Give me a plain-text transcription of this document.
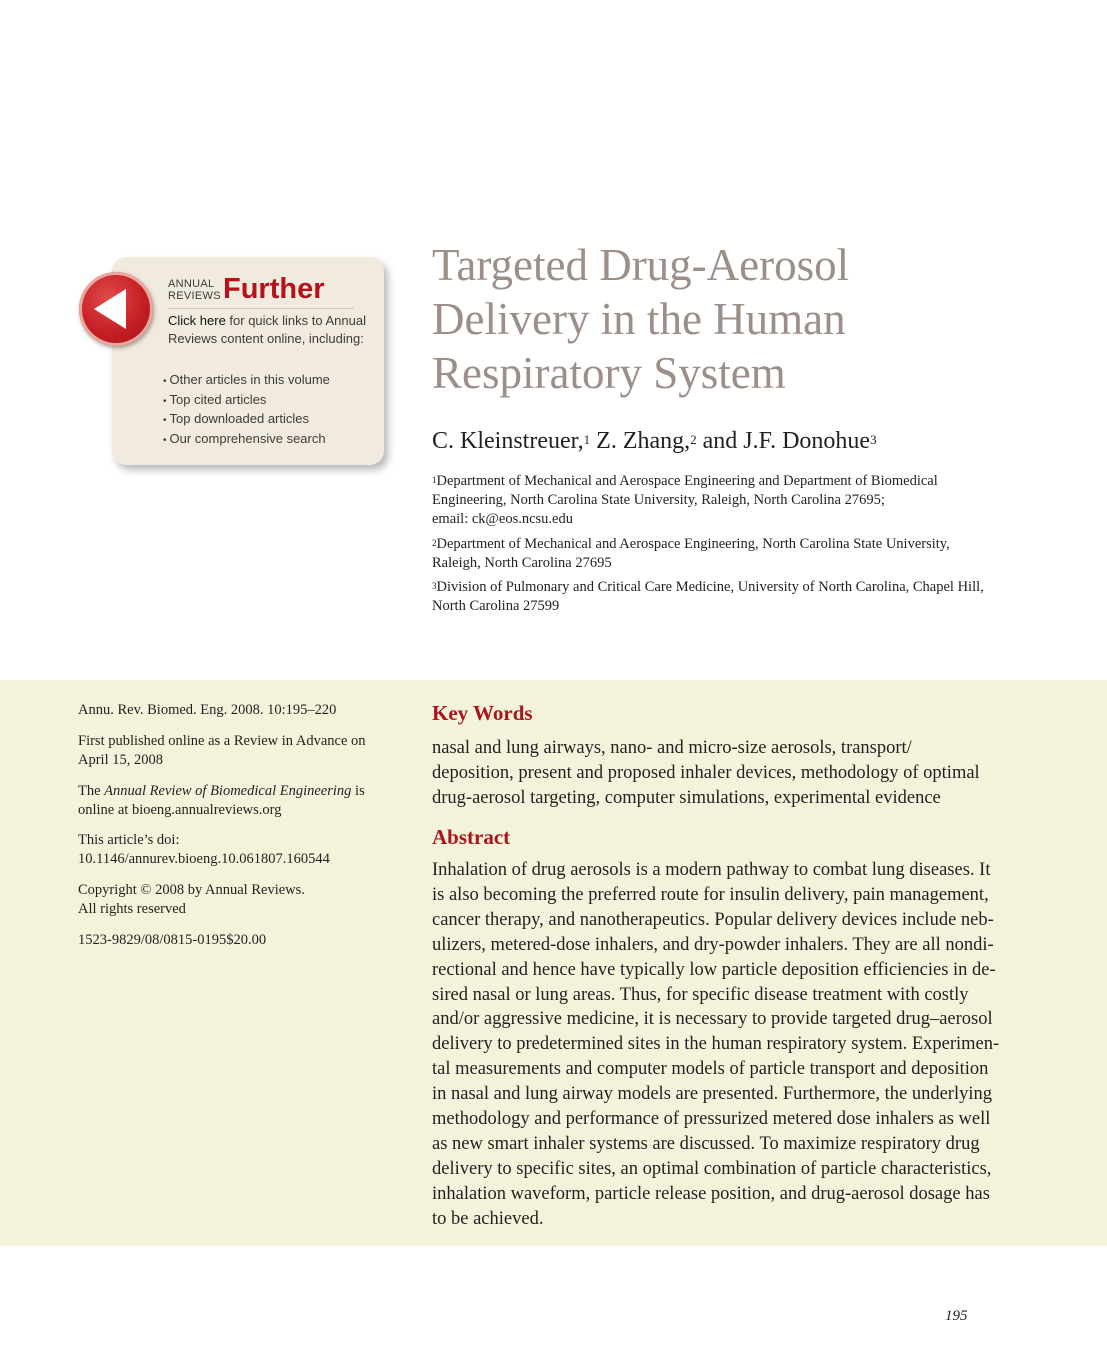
ANNUAL
REVIEWS Further
Click here for quick links to Annual Reviews content online, including:
• Other articles in this volume
• Top cited articles
• Top downloaded articles
• Our comprehensive search
Targeted Drug-Aerosol
Delivery in the Human
Respiratory System
C. Kleinstreuer,$^1$ Z. Zhang,$^2$ and J.F. Donohue$^3$
$^1$Department of Mechanical and Aerospace Engineering and Department of Biomedical
Engineering, North Carolina State University, Raleigh, North Carolina 27695;
email: ck@eos.ncsu.edu
$^2$Department of Mechanical and Aerospace Engineering, North Carolina State University,
Raleigh, North Carolina 27695
$^3$Division of Pulmonary and Critical Care Medicine, University of North Carolina, Chapel Hill,
North Carolina 27599
Annu. Rev. Biomed. Eng. 2008. 10:195–220
First published online as a Review in Advance on
April 15, 2008
The Annual Review of Biomedical Engineering is
online at bioeng.annualreviews.org
This article’s doi:
10.1146/annurev.bioeng.10.061807.160544
Copyright © 2008 by Annual Reviews.
All rights reserved
1523-9829/08/0815-0195$20.00
Key Words
nasal and lung airways, nano- and micro-size aerosols, transport/
deposition, present and proposed inhaler devices, methodology of optimal
drug-aerosol targeting, computer simulations, experimental evidence
Abstract
Inhalation of drug aerosols is a modern pathway to combat lung diseases. It
is also becoming the preferred route for insulin delivery, pain management,
cancer therapy, and nanotherapeutics. Popular delivery devices include neb-
ulizers, metered-dose inhalers, and dry-powder inhalers. They are all nondi-
rectional and hence have typically low particle deposition efficiencies in de-
sired nasal or lung areas. Thus, for specific disease treatment with costly
and/or aggressive medicine, it is necessary to provide targeted drug–aerosol
delivery to predetermined sites in the human respiratory system. Experimen-
tal measurements and computer models of particle transport and deposition
in nasal and lung airway models are presented. Furthermore, the underlying
methodology and performance of pressurized metered dose inhalers as well
as new smart inhaler systems are discussed. To maximize respiratory drug
delivery to specific sites, an optimal combination of particle characteristics,
inhalation waveform, particle release position, and drug-aerosol dosage has
to be achieved.
195
